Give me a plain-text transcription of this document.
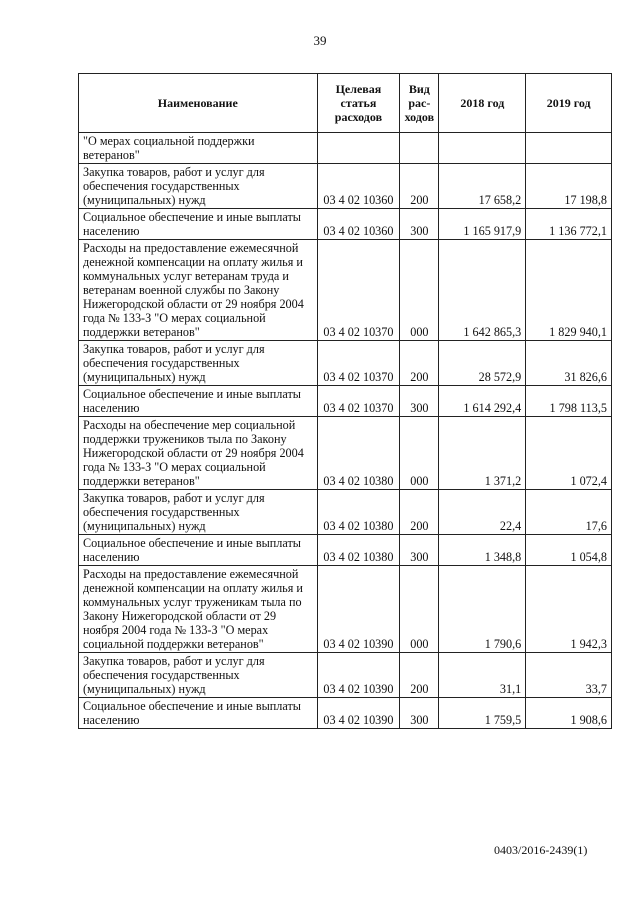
39
Наименование	Целевая статья расходов	Вид рас-ходов	2018 год	2019 год
"О мерах социальной поддержки ветеранов"				
Закупка товаров, работ и услуг для обеспечения государственных (муниципальных) нужд	03 4 02 10360	200	17 658,2	17 198,8
Социальное обеспечение и иные выплаты населению	03 4 02 10360	300	1 165 917,9	1 136 772,1
Расходы на предоставление ежемесячной денежной компенсации на оплату жилья и коммунальных услуг ветеранам труда и ветеранам военной службы по Закону Нижегородской области от 29 ноября 2004 года № 133-З "О мерах социальной поддержки ветеранов"	03 4 02 10370	000	1 642 865,3	1 829 940,1
Закупка товаров, работ и услуг для обеспечения государственных (муниципальных) нужд	03 4 02 10370	200	28 572,9	31 826,6
Социальное обеспечение и иные выплаты населению	03 4 02 10370	300	1 614 292,4	1 798 113,5
Расходы на обеспечение мер социальной поддержки тружеников тыла по Закону Нижегородской области от 29 ноября 2004 года № 133-З "О мерах социальной поддержки ветеранов"	03 4 02 10380	000	1 371,2	1 072,4
Закупка товаров, работ и услуг для обеспечения государственных (муниципальных) нужд	03 4 02 10380	200	22,4	17,6
Социальное обеспечение и иные выплаты населению	03 4 02 10380	300	1 348,8	1 054,8
Расходы на предоставление ежемесячной денежной компенсации на оплату жилья и коммунальных услуг труженикам тыла по Закону Нижегородской области от 29 ноября 2004 года № 133-З "О мерах социальной поддержки ветеранов"	03 4 02 10390	000	1 790,6	1 942,3
Закупка товаров, работ и услуг для обеспечения государственных (муниципальных) нужд	03 4 02 10390	200	31,1	33,7
Социальное обеспечение и иные выплаты населению	03 4 02 10390	300	1 759,5	1 908,6
0403/2016-2439(1)
